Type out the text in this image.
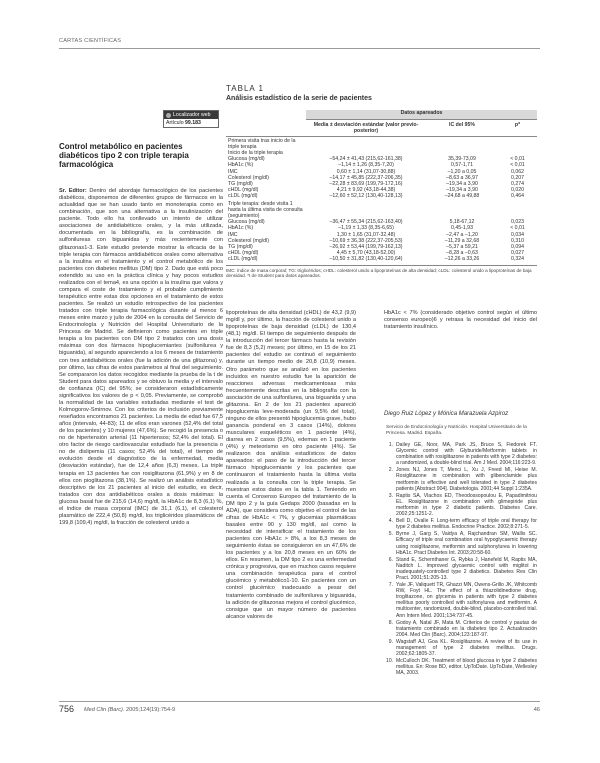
CARTAS CIENTÍFICAS
Localizador web
Artículo 99.183
Control metabólico en pacientes diabéticos tipo 2 con triple terapia farmacológica

Sr. Editor: Dentro del abordaje farmacológico de los pacientes diabéticos, disponemos de diferentes grupos de fármacos en la actualidad que se han usado tanto en monoterapia como en combinación, que son una alternativa a la insulinización del paciente. Todo ello ha conllevado un intento de utilizar asociaciones de antidiabéticos orales, y la más utilizada, documentada en la bibliografía, es la combinación de sulfonilureas con biguanidas y más recientemente con glitazonas1-3. Este estudio pretende mostrar la eficacia de la triple terapia con fármacos antidiabéticos orales como alternativa a la insulina en el tratamiento y el control metabólico de los pacientes con diabetes mellitus (DM) tipo 2. Dado que está poco extendido su uso en la práctica clínica y hay pocos estudios realizados con el tema4, es una opción a la insulina que valora y compara el coste de tratamiento y el probable cumplimiento terapéutico entre estas dos opciones en el tratamiento de estos pacientes. Se realizó un estudio retrospectivo de los pacientes tratados con triple terapia farmacológica durante al menos 6 meses entre marzo y julio de 2004 en la consulta del Servicio de Endocrinología y Nutrición del Hospital Universitario de la Princesa de Madrid. Se definieron como pacientes en triple terapia a los pacientes con DM tipo 2 tratados con una dosis máximas con dos fármacos hipoglucemiantes (sulfonilurea y biguanida), al segundo apareciendo a los 6 meses de tratamiento con tres antidiabéticos orales (fue la adición de una glitazona) y, por último, las cifras de estos parámetros al final del seguimiento. Se compararon los datos recogidos mediante la prueba de la t de Student para datos apareados y se obtuvo la media y el intervalo de confianza (IC) del 95%; se consideraron estadísticamente significativos los valores de p < 0,05. Previamente, se comprobó la normalidad de las variables estudiadas mediante el test de Kolmogorov-Smirnov. Con los criterios de inclusión previamente reseñados encontramos 21 pacientes. La media de edad fue 67,5 años (intervalo, 44-83); 11 de ellos eran varones (52,4% del total de los pacientes) y 10 mujeres (47,6%). Se recogió la presencia o no de hipertensión arterial (11 hipertensos; 52,4% del total). El otro factor de riesgo cardiovascular estudiado fue la presencia o no de dislipemia (11 casos; 52,4% del total), el tiempo de evolución desde el diagnóstico de la enfermedad, media (desviación estándar), fue de 12,4 años (6,3) meses. La triple terapia en 13 pacientes fue con rosiglitazona (61,9%) y en 8 de ellos con pioglitazona (38,1%). Se realizó un análisis estadístico descriptivo de los 21 pacientes al inicio del estudio, es decir, tratados con dos antidiabéticos orales a dosis máximas: la glucosa basal fue de 215,6 (14,6) mg/dl, la HbA1c de 8,3 (6,1) %, el índice de masa corporal (IMC) de 31,1 (6,1), el colesterol plasmático de 222,4 (50,8) mg/dl, los triglicéridos plasmáticos de 199,8 (109,4) mg/dl, la fracción de colesterol unido a

TABLA 1
Análisis estadístico de la serie de pacientes
	Datos apareados		
	Media ± desviación estándar (valor previo-posterior)	IC del 95%	p*
Primera visita tras inicio de la triple terapia			
Inicio de la triple terapia			
Glucosa (mg/dl)	–54,24 ± 41,43 (215,62-161,38)	35,39-73,09	< 0,01
HbA1c (%)	–1,14 ± 1,26 (8,35-7,20)	0,57-1,71	< 0,01
IMC	0,60 ± 1,14 (31,07-30,88)	–1,20 a 0,05	0,062
Colesterol (mg/dl)	–14,17 ± 45,85 (222,37-206,35)	–8,63 a 36,97	0,207
TG (mg/dl)	–22,28 ± 83,69 (199,79-172,16)	–19,34 a 3,90	0,274
cHDL (mg/dl)	4,21 ± 9,92 (43,18-44,38)	–19,34 a 3,90	0,020
cLDL (mg/dl)	–12,60 ± 52,12 (130,40-128,13)	–24,68 a 49,88	0,464
Triple terapia: desde visita 1 hasta la última visita de consulta (seguimiento)			
Glucosa (mg/dl)	–36,47 ± 55,34 (215,62-163,40)	5,18-67,12	0,023
HbA1c (%)	–1,19 ± 1,33 (8,35-6,65)	0,45-1,93	< 0,01
IMC	1,30 ± 1,65 (31,07-32,48)	–2,47 a –1,20	0,034
Colesterol (mg/dl)	–10,69 ± 36,38 (222,37-205,53)	–11,29 a 32,68	0,310
TG (mg/dl)	–26,92 ± 53,44 (199,79-162,13)	–5,37 a 59,21	0,094
cHDL (mg/dl)	4,45 ± 5,70 (43,18-52,00)	–8,28 a –0,63	0,027
cLDL (mg/dl)	–10,50 ± 31,82 (130,40-120,64)	–12,26 a 33,26	0,324
IMC: índice de masa corporal; TG: triglicéridos; cHDL: colesterol unido a lipoproteínas de alta densidad; cLDL: colesterol unido a lipoproteínas de baja densidad. *t de Student para datos apareados.

lipoproteínas de alta densidad (cHDL) de 43,2 (9,9) mg/dl y, por último, la fracción de colesterol unido a lipoproteínas de baja densidad (cLDL) de 130,4 (48,1) mg/dl. El tiempo de seguimiento después de la introducción del tercer fármaco hasta la revisión fue de 8,3 (5,2) meses; por último, en 15 de los 21 pacientes del estudio se continuó el seguimiento durante un tiempo medio de 20,8 (10,9) meses. Otro parámetro que se analizó en los pacientes incluidos en nuestro estudio fue la aparición de reacciones adversas medicamentosas más frecuentemente descritas en la bibliografía con la asociación de una sulfonilurea, una biguanida y una glitazona. En 2 de los 21 pacientes apareció hipoglucemia leve-moderada (un 9,5% del total), ninguno de ellos presentó hipoglucemia grave, hubo ganancia ponderal en 3 casos (14%), dolores musculares esqueléticos en 1 paciente (4%), diarrea en 2 casos (9,5%), edemas en 1 paciente (4%) y meteorismo en otro paciente (4%). Se realizaron dos análisis estadísticos de datos apareados: el paso de la introducción del tercer fármaco hipoglucemiante y los pacientes que continuaron el tratamiento hasta la última visita realizada a la consulta con la triple terapia. Se muestran estos datos en la tabla 1. Teniendo en cuenta el Consenso Europeo del tratamiento de la DM tipo 2 y la guía Gedaps 2000 (basadas en la ADA), que considera como objetivo el control de las cifras de HbA1c < 7%, y glucemias plasmáticas basales entre 90 y 130 mg/dl, así como la necesidad de intensificar el tratamiento de los pacientes con HbA1c > 8%, a los 8,3 meses de seguimiento éstas se consiguieron en un 47,6% de los pacientes y a los 20,8 meses en un 60% de ellos. En resumen, la DM tipo 2 es una enfermedad crónica y progresiva, que en muchos casos requiere una combinación terapéutica para el control glucémico y metabólico1-10. En pacientes con un control glucémico inadecuado a pesar del tratamiento combinado de sulfonilurea y biguanida, la adición de glitazonas mejora el control glucémico, consigue que un mayor número de pacientes alcance valores de

HbA1c < 7% (considerado objetivo control según el último consenso europeo)6 y retrasa la necesidad del inicio del tratamiento insulínico.

Diego Ruiz López y Mónica Marazuela Azpiroz
Servicio de Endocrinología y Nutrición. Hospital Universitario de la Princesa. Madrid. España.
1. Dailey GE, Noor, MA, Park JS, Bruce S, Fiedorek FT. Glycemic control with Glyburide/Metformin tablets in combination with rosiglitazone in patients with type 2 diabetes: a randomized, a double-blind trial. Am J Med. 2004;116:223-9.
2. Jones NJ, Jones T, Menci L, Xu J, Freed MI, Heise M. Rosiglitazone in combination with glibenclamide plus metformin is effective and well tolerated in type 2 diabetes patients [Abstract 904]. Diabetologia. 2001;44 Suppl 1:235A.
3. Raptis SA, Vlachos ED, Theodossopoulou E, Papadimitriou EL. Rosiglitazone in combination with glimepiride plus metformin in type 2 diabetic patients. Diabetes Care. 2002;25:1251-2.
4. Bell D, Ovalle F. Long-term efficacy of triple oral therapy for type 2 diabetes mellitus. Endocrine Practice. 2002;8:271-5.
5. Byrne J, Garg S, Vaidya A, Rajchandran SM, Wallis SC. Efficacy of triple oral combination oral hypoglycaemic therapy using rosiglitazone, metformin and sulphonylurea in lowering HbA1c. Pract Diabetes Int. 2003;20:58-60.
6. Stand E, Schernthaner G, Rybka J, Hanefeld M, Raptis MA, Naditch L. Improved glycaemic control with miglitol in inadequately-controlled type 2 diabetics. Diabetes Res Clin Pract. 2001;51:205-13.
7. Yale JF, Valiquett TR, Ghazzi MN, Owens-Grillo JK, Whitcomb RW, Foyt HL. The effect of a thiazolidinedione drug, troglitazone, on glycemia in patients with type 2 diabetes mellitus poorly controlled with sulfonylurea and metformin. A multicenter, randomized, double-blind, placebo-controlled trial. Ann Intern Med. 2001;134:737-45.
8. Godoy A, Natal JF, Mata M. Criterios de control y pautas de tratamiento combinado en la diabetes tipo 2. Actualización 2004. Med Clin (Barc). 2004;123:187-97.
9. Wagstaff AJ, Goa KL. Rosiglitazone. A review of its use in management of type 2 diabetes mellitus. Drugs. 2002;62:1805-37.
10. McCulloch DK. Treatment of blood glucosa in type 2 diabetes mellitus. En: Rose BD, editor. UpToDate. UpToDate, Wellesley MA, 2003.
756 Med Clin (Barc). 2005;124(19):754-9	46
